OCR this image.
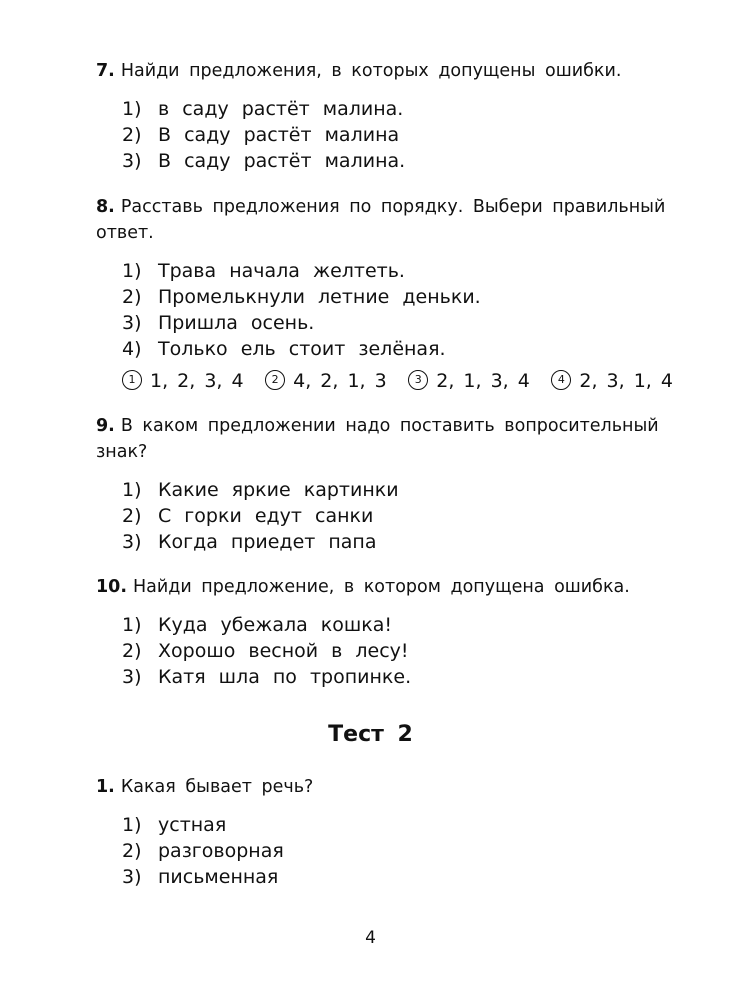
7. Найди предложения, в которых допущены ошибки.
1) в саду растёт малина.
2) В саду растёт малина
3) В саду растёт малина.
8. Расставь предложения по порядку. Выбери правильный ответ.
1) Трава начала желтеть.
2) Промелькнули летние деньки.
3) Пришла осень.
4) Только ель стоит зелёная.
1 1, 2, 3, 4	2 4, 2, 1, 3	3 2, 1, 3, 4	4 2, 3, 1, 4
9. В каком предложении надо поставить вопросительный знак?
1) Какие яркие картинки
2) С горки едут санки
3) Когда приедет папа
10. Найди предложение, в котором допущена ошибка.
1) Куда убежала кошка!
2) Хорошо весной в лесу!
3) Катя шла по тропинке.
Тест 2
1. Какая бывает речь?
1) устная
2) разговорная
3) письменная
4
